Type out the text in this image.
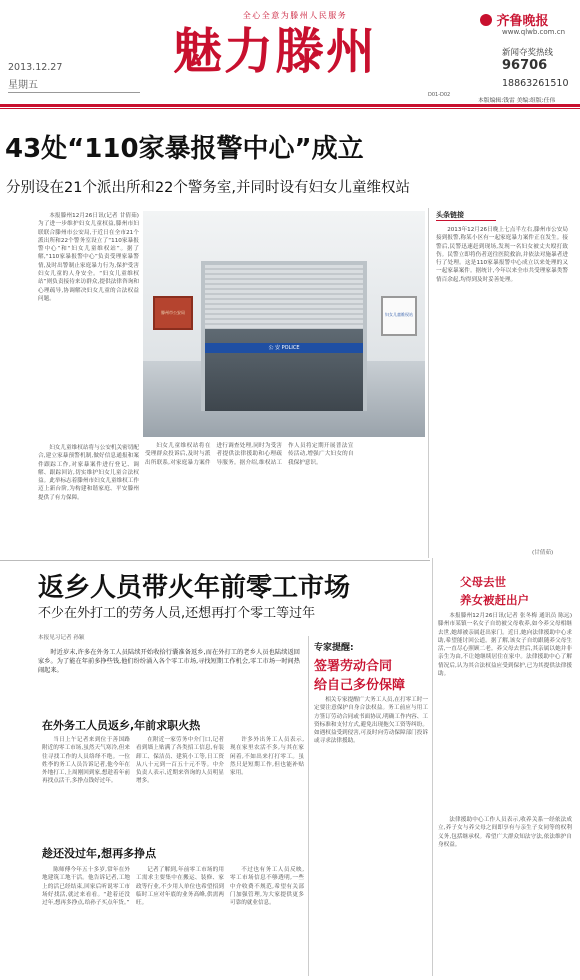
全心全意为滕州人民服务
魅力滕州
2013.12.27
星期五
齐鲁晚报
www.qlwb.com.cn
新闻夺奖热线
96706
18863261510
本版编辑:钱雷 美编:组版:任伟
D01-D02
43处“110家暴报警中心”成立
分别设在21个派出所和22个警务室,并同时设有妇女儿童维权站

本报滕州12月26日讯(记者 甘倩茹) 为了进一步维护妇女儿童权益,滕州市妇联联合滕州市公安局,于近日在全市21个派出所和22个警务室设立了“110家暴报警中心”和“妇女儿童维权站”。据了解,“110家暴报警中心”负责受理家暴警情,及时出警制止家庭暴力行为,保护受害妇女儿童的人身安全。“妇女儿童维权站”则负责接待来访群众,提供法律咨询和心理疏导,协调解决妇女儿童的合法权益问题。

妇女儿童维权站将与公安机关密切配合,建立家暴预警机制,做好信息通报和案件跟踪工作,对家暴案件进行登记、调解、跟踪回访,切实维护妇女儿童合法权益。此举标志着滕州市妇女儿童维权工作迈上新台阶,为构建和谐家庭、平安滕州提供了有力保障。

公 安 POLICE
滕州市公安局	妇女儿童维权站

妇女儿童维权站将在受理群众投诉后,及时与派出所联系,对家庭暴力案件进行调查处理,同时为受害者提供法律援助和心理疏导服务。据介绍,维权站工作人员将定期开展普法宣传活动,增强广大妇女的自我保护意识。

头条链接

2013年12月26日晚上七点半左右,滕州市公安局接到报警,称某小区有一起家庭暴力案件正在发生。接警后,民警迅速赶到现场,发现一名妇女被丈夫殴打致伤。民警立即将伤者送往医院救治,并依法对施暴者进行了处理。这是110家暴报警中心成立以来处理的又一起家暴案件。据统计,今年以来全市共受理家暴类警情百余起,均得到及时妥善处理。

(甘倩茹)
返乡人员带火年前零工市场
不少在外打工的劳务人员,还想再打个零工等过年
本报见习记者 孙颖

时近岁末,许多在外务工人员陆续开始收拾行囊准备返乡,而在外打工的老乡人员也陆续返回家乡。为了能在年前多挣些钱,他们纷纷涌入各个零工市场,寻找短期工作机会,零工市场一时间热闹起来。

在外务工人员返乡,年前求职火热

当日上午记者来到位于善国路附近的零工市场,虽然天气寒冷,但来往寻找工作的人员络绎不绝。一位姓李的务工人员告诉记者,他今年在外地打工,上周刚回到家,想趁着年前再找点活干,多挣点钱好过年。

在附近一家劳务中介门口,记者看到墙上贴满了各类招工信息,有装卸工、保洁员、建筑小工等,日工资从八十元到一百五十元不等。中介负责人表示,近期来咨询的人员明显增多。

许多外出务工人员表示,现在家里农活不多,与其在家闲着,不如出来打打零工。虽然只是短期工作,但也能补贴家用。

趁还没过年,想再多挣点

陈师傅今年五十多岁,常年在外地建筑工地干活。他告诉记者,工地上的活已经结束,回家后听说零工市场好找活,就过来看看。“趁着还没过年,想再多挣点,给孙子买点年货。”

记者了解到,年前零工市场的用工需求主要集中在搬运、装修、家政等行业,不少用人单位也希望招到临时工应对年底的业务高峰,供需两旺。

不过也有务工人员反映,零工市场信息不够透明,一些中介收费不规范,希望有关部门加强管理,为大家提供更多可靠的就业信息。

专家提醒:
签署劳动合同
给自己多份保障

相关专家提醒广大务工人员,在打零工时一定要注意保护自身合法权益。务工前应与用工方签订劳动合同或书面协议,明确工作内容、工资标准和支付方式,避免出现拖欠工资等纠纷。如遇权益受到侵害,可及时向劳动保障部门投诉或寻求法律援助。

父母去世
养女被赶出户

本报滕州12月26日讯(记者 张冬梅 通讯员 陈远) 滕州市某镇一名女子自幼被父母收养,如今养父母相继去世,她却被亲属赶出家门。近日,她向法律援助中心求助,希望能讨回公道。据了解,该女子自幼跟随养父母生活,一直尽心照顾二老。养父母去世后,其亲属以她并非亲生为由,不让她继续居住在家中。法律援助中心了解情况后,认为其合法权益应受到保护,已为其提供法律援助。

法律援助中心工作人员表示,收养关系一经依法成立,养子女与养父母之间即享有与亲生子女同等的权利义务,包括继承权。希望广大群众知法守法,依法维护自身权益。
